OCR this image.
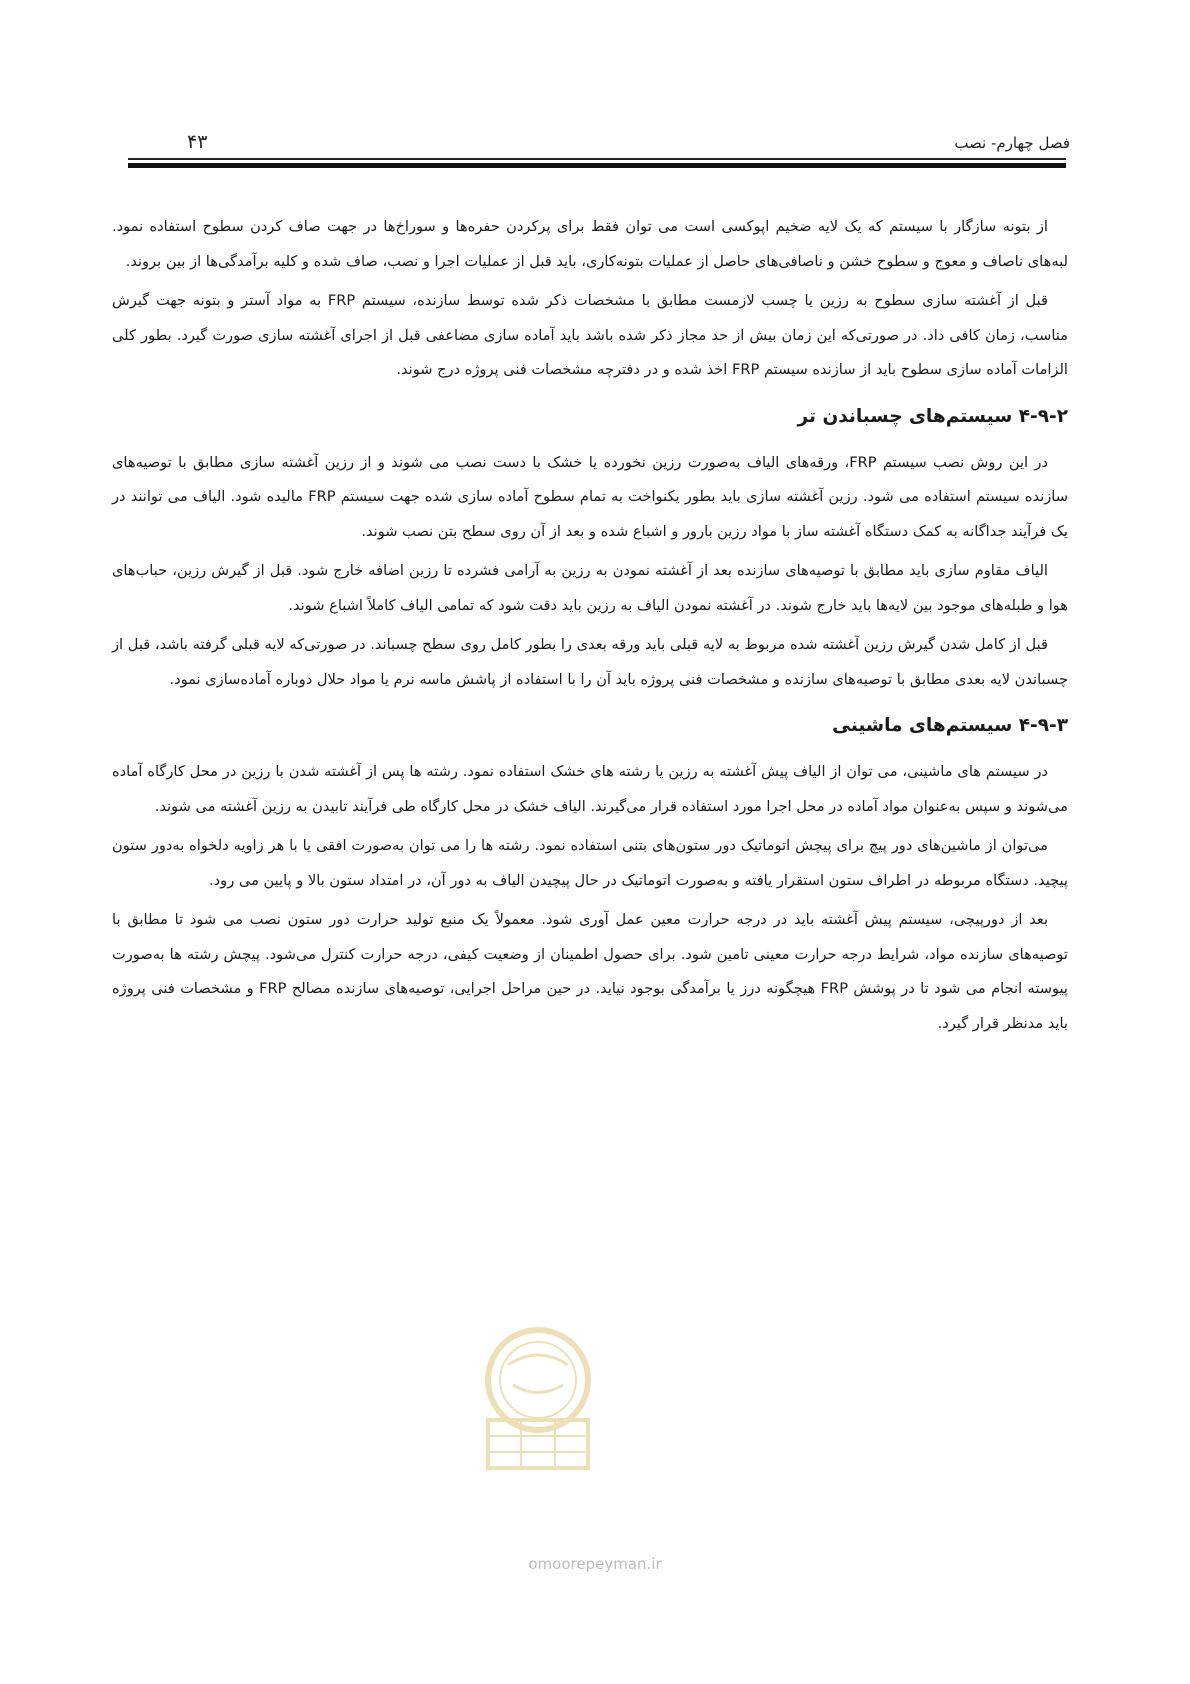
فصل چهارم- نصب
۴۳

از بتونه سازگار با سیستم که یک لایه ضخیم اپوکسی است می توان فقط برای پرکردن حفره‌ها و سوراخ‌ها در جهت صاف کردن سطوح استفاده نمود. لبه‌های ناصاف و معوج و سطوح خشن و ناصافی‌های حاصل از عملیات بتونه‌کاری، باید قبل از عملیات اجرا و نصب، صاف شده و کلیه برآمدگی‌ها از بین بروند.

قبل از آغشته سازی سطوح به رزین یا چسب لازمست مطابق با مشخصات ذکر شده توسط سازنده، سیستم FRP به مواد آستر و بتونه جهت گیرش مناسب، زمان کافی داد. در صورتی‌که این زمان بیش از حد مجاز ذکر شده باشد باید آماده سازی مضاعفی قبل از اجرای آغشته سازی صورت گیرد. بطور کلی الزامات آماده سازی سطوح باید از سازنده سیستم FRP اخذ شده و در دفترچه مشخصات فنی پروژه درج شوند.

۴-۹-۲ سیستم‌های چسباندن تر

در این روش نصب سیستم FRP، ورقه‌های الیاف به‌صورت رزین نخورده یا خشک با دست نصب می شوند و از رزین آغشته سازی مطابق با توصیه‌های سازنده سیستم استفاده می شود. رزین آغشته سازی باید بطور یکنواخت به تمام سطوح آماده سازی شده جهت سیستم FRP مالیده شود. الیاف می توانند در یک فرآیند جداگانه به کمک دستگاه آغشته ساز با مواد رزین بارور و اشباع شده و بعد از آن روی سطح بتن نصب شوند.

الیاف مقاوم سازی باید مطابق با توصیه‌های سازنده بعد از آغشته نمودن به رزین به آرامی فشرده تا رزین اضافه خارج شود. قبل از گیرش رزین، حباب‌های هوا و طبله‌های موجود بین لایه‌ها باید خارج شوند. در آغشته نمودن الیاف به رزین باید دقت شود که تمامی الیاف کاملاً اشباع شوند.

قبل از کامل شدن گیرش رزین آغشته شده مربوط به لایه قبلی باید ورقه بعدی را بطور کامل روی سطح چسباند. در صورتی‌که لایه قبلی گرفته باشد، قبل از چسباندن لایه بعدی مطابق با توصیه‌های سازنده و مشخصات فنی پروژه باید آن را با استفاده از پاشش ماسه نرم یا مواد حلال دوباره آماده‌سازی نمود.

۴-۹-۳ سیستم‌های ماشینی

در سیستم های ماشینی، می توان از الیاف پیش آغشته به رزین یا رشته های خشک استفاده نمود. رشته ها پس از آغشته شدن با رزین در محل کارگاه آماده می‌شوند و سپس به‌عنوان مواد آماده در محل اجرا مورد استفاده قرار می‌گیرند. الیاف خشک در محل کارگاه طی فرآیند تابیدن به رزین آغشته می شوند.

می‌توان از ماشین‌های دور پیچ برای پیچش اتوماتیک دور ستون‌های بتنی استفاده نمود. رشته ها را می توان به‌صورت افقی یا با هر زاویه دلخواه به‌دور ستون پیچید. دستگاه مربوطه در اطراف ستون استقرار یافته و به‌صورت اتوماتیک در حال پیچیدن الیاف به دور آن، در امتداد ستون بالا و پایین می رود.

بعد از دورپیچی، سیستم پیش آغشته باید در درجه حرارت معین عمل آوری شود. معمولاً یک منبع تولید حرارت دور ستون نصب می شود تا مطابق با توصیه‌های سازنده مواد، شرایط درجه حرارت معینی تامین شود. برای حصول اطمینان از وضعیت کیفی، درجه حرارت کنترل می‌شود. پیچش رشته ها به‌صورت پیوسته انجام می شود تا در پوشش FRP هیچگونه درز یا برآمدگی بوجود نیاید. در حین مراحل اجرایی، توصیه‌های سازنده مصالح FRP و مشخصات فنی پروژه باید مدنظر قرار گیرد.

omoorepeyman.ir
